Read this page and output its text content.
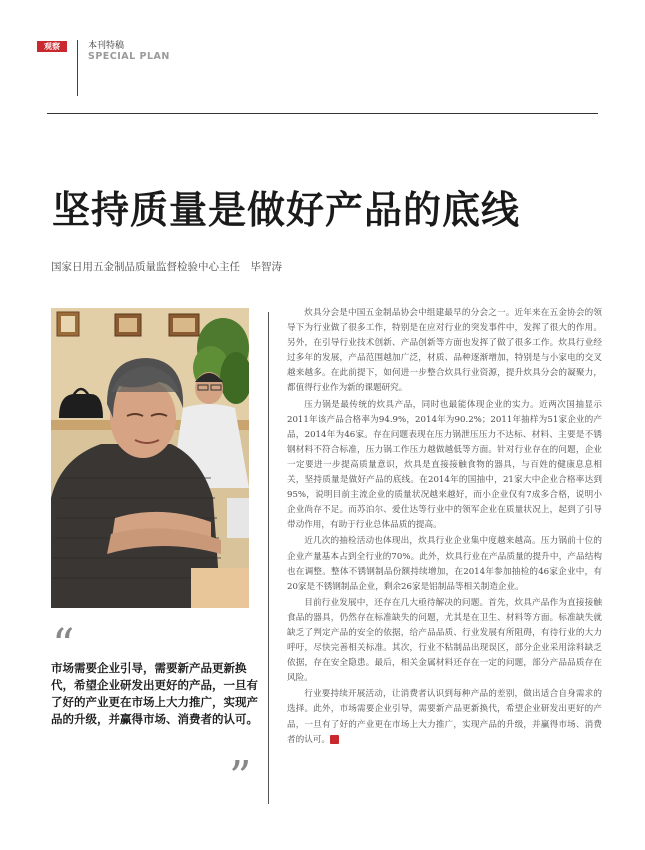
观察	本刊特稿
SPECIAL PLAN
坚持质量是做好产品的底线
国家日用五金制品质量监督检验中心主任　毕智涛
“
市场需要企业引导，需要新产品更新换代，希望企业研发出更好的产品，一旦有了好的产业更在市场上大力推广，实现产品的升级，并赢得市场、消费者的认可。
”

炊具分会是中国五金制品协会中组建最早的分会之一。近年来在五金协会的领导下为行业做了很多工作，特别是在应对行业的突发事件中，发挥了很大的作用。另外，在引导行业技术创新、产品创新等方面也发挥了做了很多工作。炊具行业经过多年的发展，产品范围越加广泛，材质、品种逐渐增加，特别是与小家电的交叉越来越多。在此前提下，如何进一步整合炊具行业资源，提升炊具分会的凝聚力，都值得行业作为新的课题研究。

压力锅是最传统的炊具产品，同时也最能体现企业的实力。近两次国抽显示2011年该产品合格率为94.9%，2014年为90.2%；2011年抽样为51家企业的产品，2014年为46家。存在问题表现在压力锅泄压压力不达标、材料、主要是不锈钢材料不符合标准，压力锅工作压力越做越低等方面。针对行业存在的问题，企业一定要进一步提高质量意识，炊具是直接接触食物的器具，与百姓的健康息息相关，坚持质量是做好产品的底线。在2014年的国抽中，21家大中企业合格率达到95%，说明目前主流企业的质量状况越来越好，而小企业仅有7成多合格，说明小企业尚存不足。而苏泊尔、爱仕达等行业中的领军企业在质量状况上，起到了引导带动作用，有助于行业总体品质的提高。

近几次的抽检活动也体现出，炊具行业企业集中度越来越高。压力锅前十位的企业产量基本占到全行业的70%。此外，炊具行业在产品质量的提升中，产品结构也在调整。整体不锈钢制品份额持续增加，在2014年参加抽检的46家企业中，有20家是不锈钢制品企业，剩余26家是铝制品等相关制造企业。

目前行业发展中，还存在几大亟待解决的问题。首先，炊具产品作为直接接触食品的器具，仍然存在标准缺失的问题，尤其是在卫生、材料等方面。标准缺失就缺乏了判定产品的安全的依据，给产品品质、行业发展有所阻碍，有待行业的大力呼吁，尽快完善相关标准。其次，行业不粘制品出现误区，部分企业采用涂料缺乏依据，存在安全隐患。最后，相关金属材料还存在一定的问题，部分产品品质存在风险。

行业要持续开展活动，让消费者认识到每种产品的差别，做出适合自身需求的选择。此外，市场需要企业引导，需要新产品更新换代，希望企业研发出更好的产品，一旦有了好的产业更在市场上大力推广，实现产品的升级，并赢得市场、消费者的认可。	消
